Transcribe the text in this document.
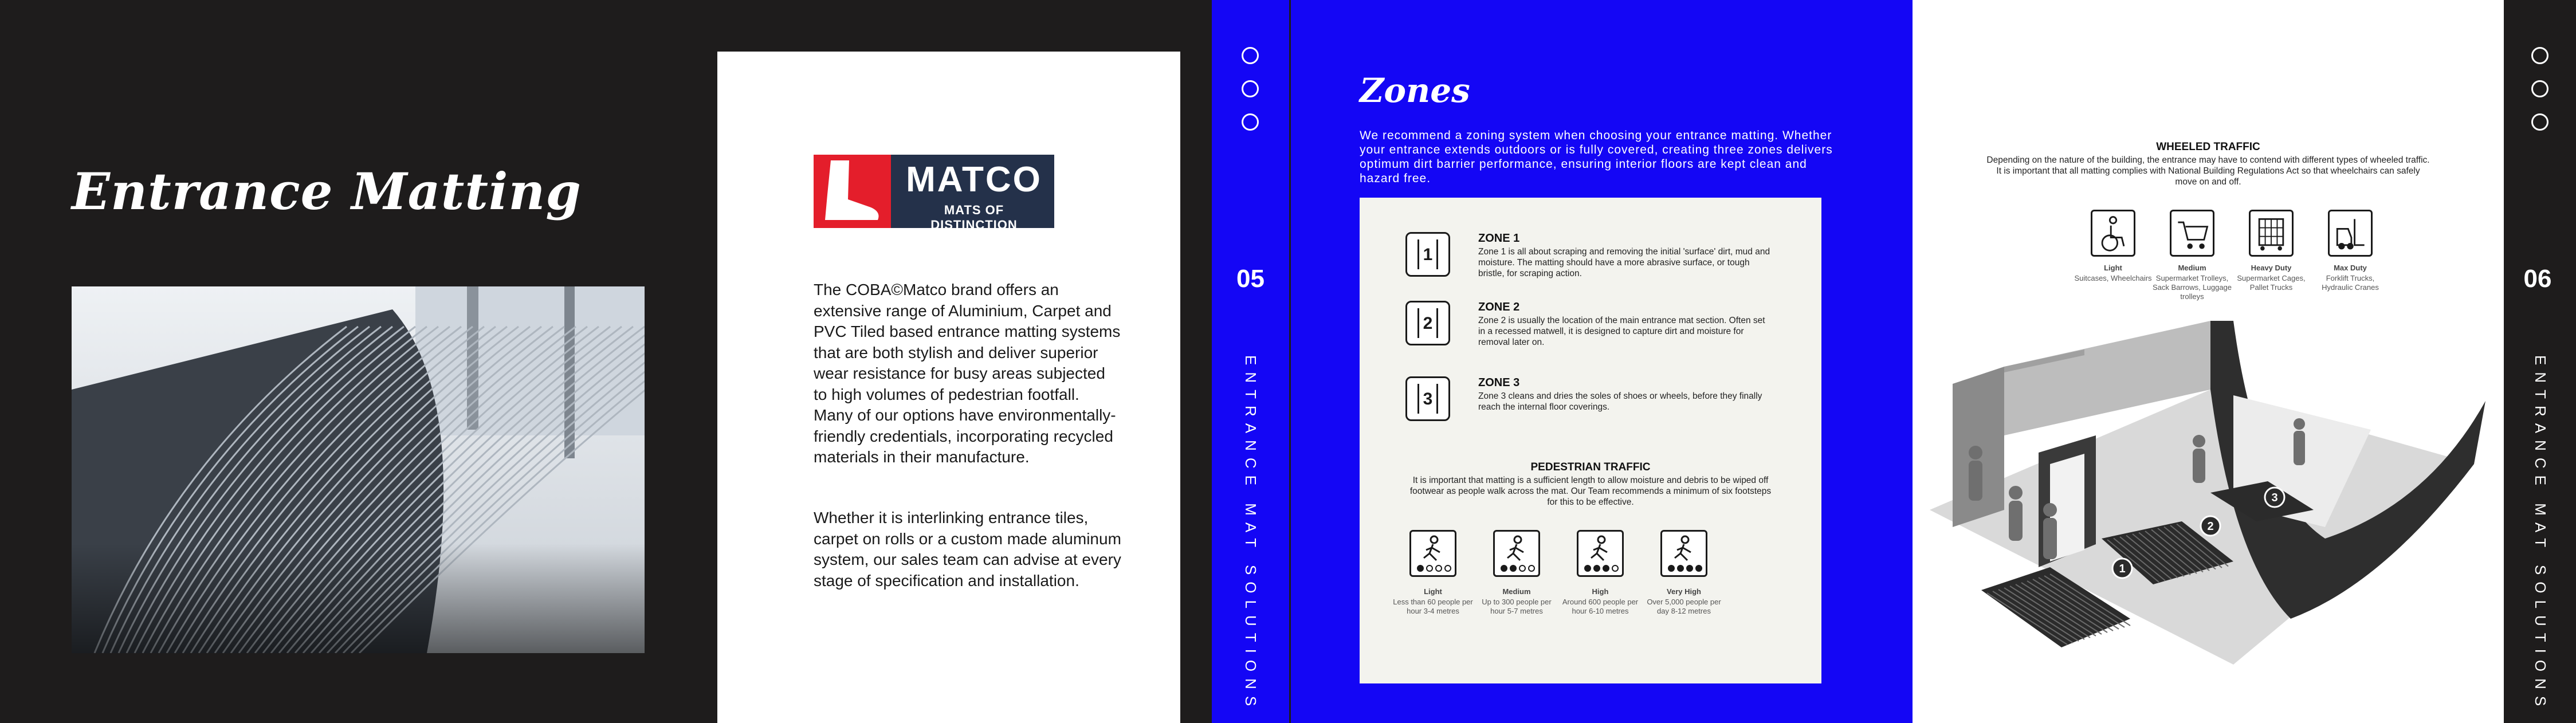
Entrance Matting	MATCO
MATS OF DISTINCTION
The COBA©Matco brand offers an extensive range of Aluminium, Carpet and PVC Tiled based entrance matting systems that are both stylish and deliver superior wear resistance for busy areas subjected to high volumes of pedestrian footfall. Many of our options have environmentally-friendly credentials, incorporating recycled materials in their manufacture.
Whether it is interlinking entrance tiles, carpet on rolls or a custom made aluminum system, our sales team can advise at every stage of specification and installation.
05
ENTRANCE MAT SOLUTIONS
Zones
We recommend a zoning system when choosing your entrance matting. Whether your entrance extends outdoors or is fully covered, creating three zones delivers optimum dirt barrier performance, ensuring interior floors are kept clean and hazard free.
1
ZONE 1
Zone 1 is all about scraping and removing the initial 'surface' dirt, mud and moisture. The matting should have a more abrasive surface, or tough bristle, for scraping action.
2
ZONE 2
Zone 2 is usually the location of the main entrance mat section. Often set in a recessed matwell, it is designed to capture dirt and moisture for removal later on.
3
ZONE 3
Zone 3 cleans and dries the soles of shoes or wheels, before they finally reach the internal floor coverings.
PEDESTRIAN TRAFFIC
It is important that matting is a sufficient length to allow moisture and debris to be wiped off footwear as people walk across the mat. Our Team recommends a minimum of six footsteps for this to be effective.
Light
Less than 60 people per hour 3-4 metres
Medium
Up to 300 people per hour 5-7 metres
High
Around 600 people per hour 6-10 metres
Very High
Over 5,000 people per day 8-12 metres
WHEELED TRAFFIC
Depending on the nature of the building, the entrance may have to contend with different types of wheeled traffic. It is important that all matting complies with National Building Regulations Act so that wheelchairs can safely move on and off.
Light
Suitcases, Wheelchairs
Medium
Supermarket Trolleys, Sack Barrows, Luggage trolleys
Heavy Duty
Supermarket Cages, Pallet Trucks
Max Duty
Forklift Trucks, Hydraulic Cranes
1
2
3
06
ENTRANCE MAT SOLUTIONS
